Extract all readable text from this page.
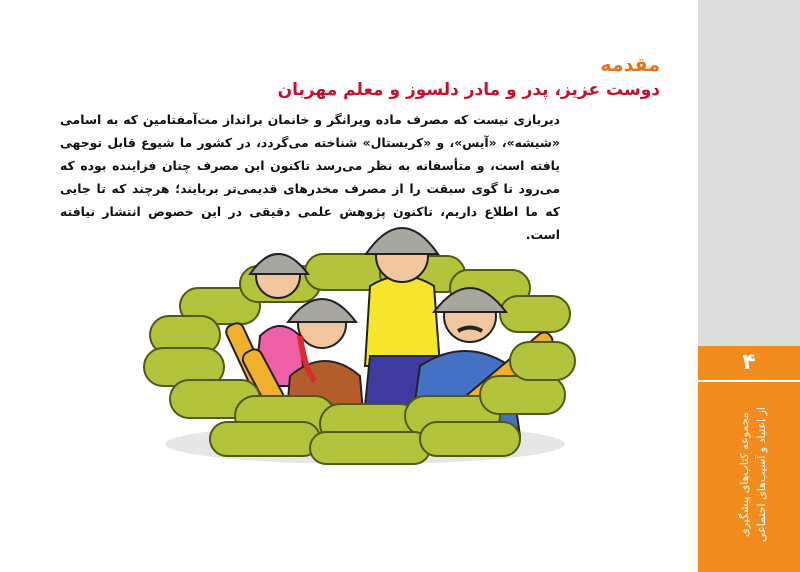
۴
مجموعه کتاب‌های پیشگیری از اعتیاد و آسیب‌های اجتماعی
مقدمه
دوست عزیز، پدر و مادر دلسوز و معلم مهربان
دیربازی نیست که مصرف ماده ویرانگر و خانمان برانداز مت‌آمفتامین که به اسامی «شیشه»، «آیس»، و «کریستال» شناخته می‌گردد، در کشور ما شیوع قابل توجهی یافته است، و متأسفانه به نظر می‌رسد تاکنون این مصرف چنان فزاینده بوده که می‌رود تا گوی سبقت را از مصرف مخدرهای قدیمی‌تر بربایند؛ هرچند که تا جایی که ما اطلاع داریم، تاکنون پژوهش علمی دقیقی در این خصوص انتشار نیافته است.
